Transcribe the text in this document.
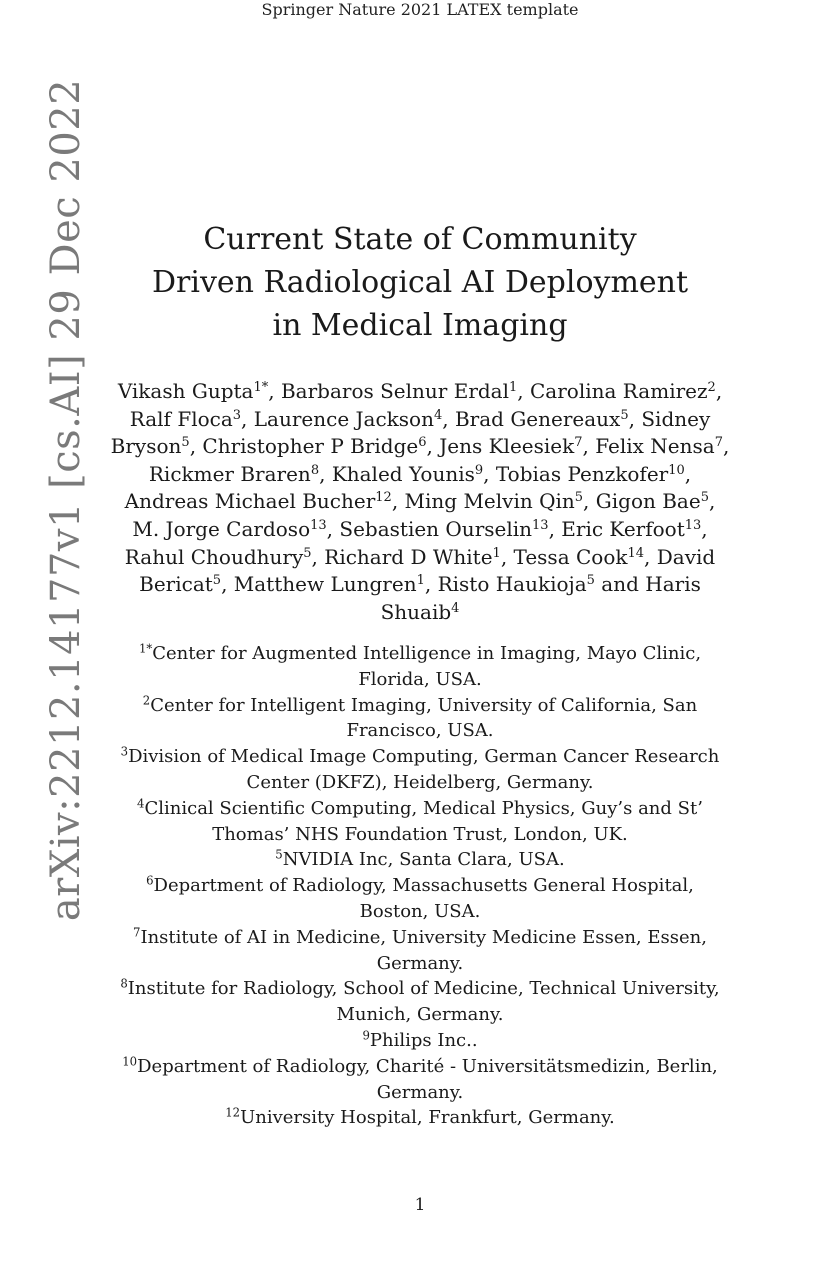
Springer Nature 2021 LATEX template
arXiv:2212.14177v1 [cs.AI] 29 Dec 2022	Current State of Community Driven Radiological AI Deployment in Medical Imaging

Vikash Gupta$^{1*}$, Barbaros Selnur Erdal$^1$, Carolina Ramirez$^2$, Ralf Floca$^3$, Laurence Jackson$^4$, Brad Genereaux$^5$, Sidney Bryson$^5$, Christopher P Bridge$^6$, Jens Kleesiek$^7$, Felix Nensa$^7$, Rickmer Braren$^8$, Khaled Younis$^9$, Tobias Penzkofer$^{10}$, Andreas Michael Bucher$^{12}$, Ming Melvin Qin$^5$, Gigon Bae$^5$, M. Jorge Cardoso$^{13}$, Sebastien Ourselin$^{13}$, Eric Kerfoot$^{13}$, Rahul Choudhury$^5$, Richard D White$^1$, Tessa Cook$^{14}$, David Bericat$^5$, Matthew Lungren$^1$, Risto Haukioja$^5$ and Haris Shuaib$^4$

$^{1*}$Center for Augmented Intelligence in Imaging, Mayo Clinic, Florida, USA.
$^2$Center for Intelligent Imaging, University of California, San Francisco, USA.
$^3$Division of Medical Image Computing, German Cancer Research Center (DKFZ), Heidelberg, Germany.
$^4$Clinical Scientific Computing, Medical Physics, Guy’s and St’ Thomas’ NHS Foundation Trust, London, UK.
$^5$NVIDIA Inc, Santa Clara, USA.
$^6$Department of Radiology, Massachusetts General Hospital, Boston, USA.
$^7$Institute of AI in Medicine, University Medicine Essen, Essen, Germany.
$^8$Institute for Radiology, School of Medicine, Technical University, Munich, Germany.
$^9$Philips Inc..
$^{10}$Department of Radiology, Charité - Universitätsmedizin, Berlin, Germany.
$^{12}$University Hospital, Frankfurt, Germany.
1
